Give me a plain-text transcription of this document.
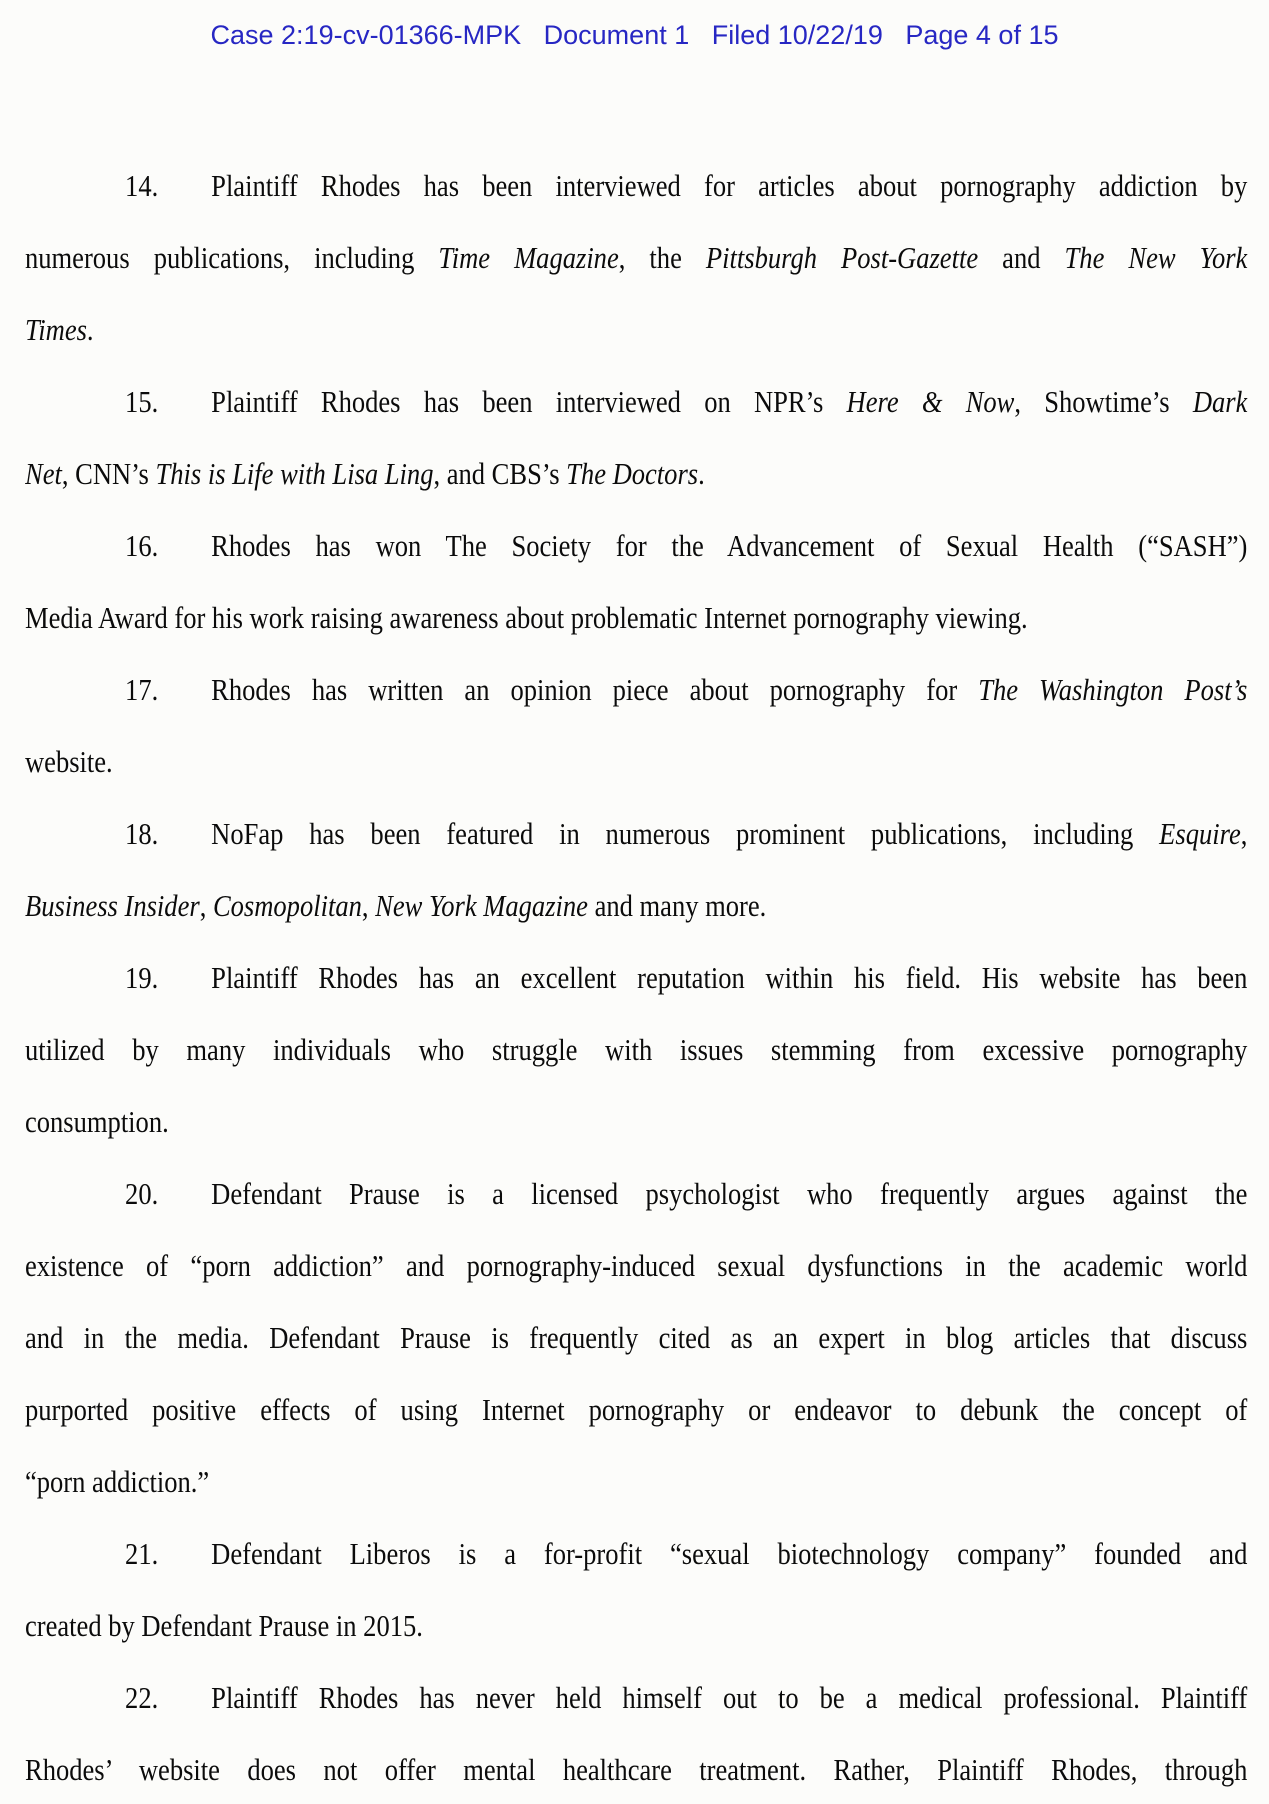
Case 2:19-cv-01366-MPK   Document 1   Filed 10/22/19   Page 4 of 15
14. Plaintiff Rhodes has been interviewed for articles about pornography addiction by
numerous publications, including Time Magazine, the Pittsburgh Post-Gazette and The New York
Times.
15. Plaintiff Rhodes has been interviewed on NPR’s Here & Now, Showtime’s Dark
Net, CNN’s This is Life with Lisa Ling, and CBS’s The Doctors.
16. Rhodes has won The Society for the Advancement of Sexual Health (“SASH”)
Media Award for his work raising awareness about problematic Internet pornography viewing.
17. Rhodes has written an opinion piece about pornography for The Washington Post’s
website.
18. NoFap has been featured in numerous prominent publications, including Esquire,
Business Insider, Cosmopolitan, New York Magazine and many more.
19. Plaintiff Rhodes has an excellent reputation within his field. His website has been
utilized by many individuals who struggle with issues stemming from excessive pornography
consumption.
20. Defendant Prause is a licensed psychologist who frequently argues against the
existence of “porn addiction” and pornography-induced sexual dysfunctions in the academic world
and in the media. Defendant Prause is frequently cited as an expert in blog articles that discuss
purported positive effects of using Internet pornography or endeavor to debunk the concept of
“porn addiction.”
21. Defendant Liberos is a for-profit “sexual biotechnology company” founded and
created by Defendant Prause in 2015.
22. Plaintiff Rhodes has never held himself out to be a medical professional. Plaintiff
Rhodes’ website does not offer mental healthcare treatment. Rather, Plaintiff Rhodes, through
